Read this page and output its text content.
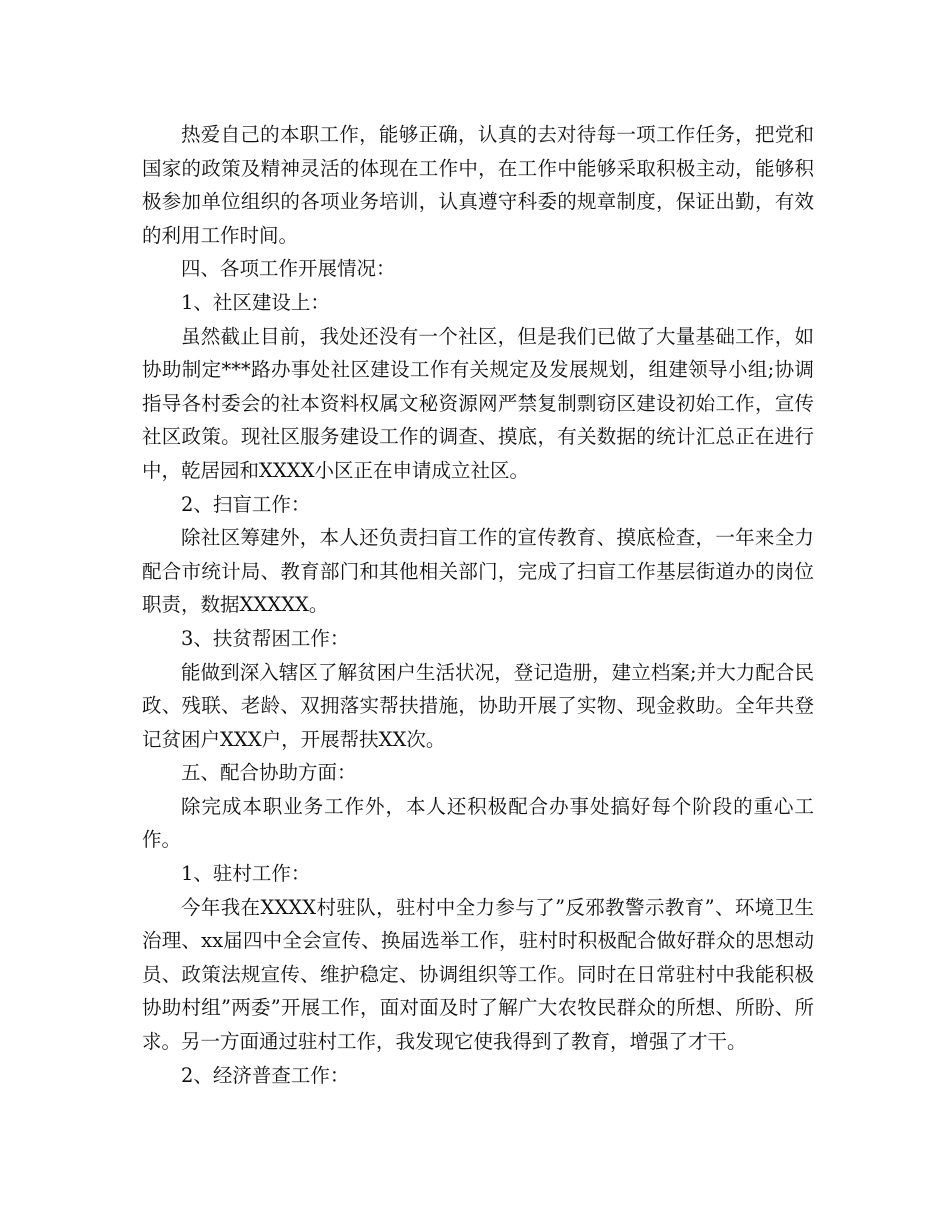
热爱自己的本职工作，能够正确，认真的去对待每一项工作任务，把党和国家的政策及精神灵活的体现在工作中，在工作中能够采取积极主动，能够积极参加单位组织的各项业务培训，认真遵守科委的规章制度，保证出勤，有效的利用工作时间。

四、各项工作开展情况：

1、社区建设上：

虽然截止目前，我处还没有一个社区，但是我们已做了大量基础工作，如协助制定***路办事处社区建设工作有关规定及发展规划，组建领导小组;协调指导各村委会的社本资料权属文秘资源网严禁复制剽窃区建设初始工作，宣传社区政策。现社区服务建设工作的调查、摸底，有关数据的统计汇总正在进行中，乾居园和XXXX小区正在申请成立社区。

2、扫盲工作：

除社区筹建外，本人还负责扫盲工作的宣传教育、摸底检查，一年来全力配合市统计局、教育部门和其他相关部门，完成了扫盲工作基层街道办的岗位职责，数据XXXXX。

3、扶贫帮困工作：

能做到深入辖区了解贫困户生活状况，登记造册，建立档案;并大力配合民政、残联、老龄、双拥落实帮扶措施，协助开展了实物、现金救助。全年共登记贫困户XXX户，开展帮扶XX次。

五、配合协助方面：

除完成本职业务工作外，本人还积极配合办事处搞好每个阶段的重心工作。

1、驻村工作：

今年我在XXXX村驻队，驻村中全力参与了”反邪教警示教育”、环境卫生治理、xx届四中全会宣传、换届选举工作，驻村时积极配合做好群众的思想动员、政策法规宣传、维护稳定、协调组织等工作。同时在日常驻村中我能积极协助村组”两委”开展工作，面对面及时了解广大农牧民群众的所想、所盼、所求。另一方面通过驻村工作，我发现它使我得到了教育，增强了才干。

2、经济普查工作：
